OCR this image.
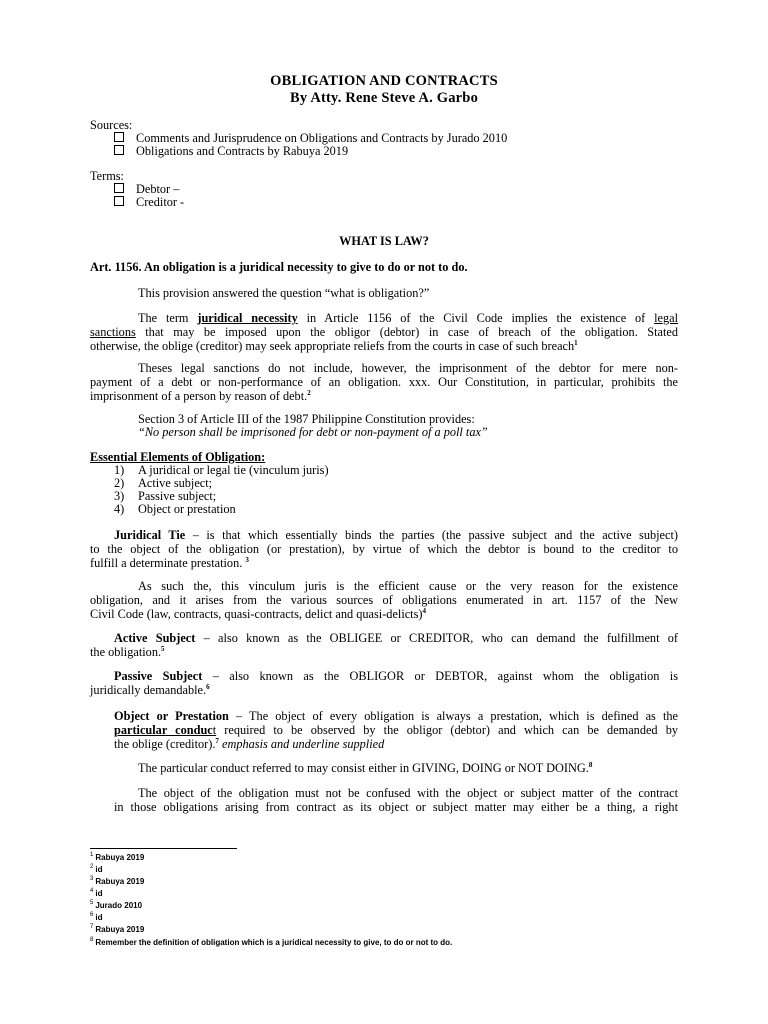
OBLIGATION AND CONTRACTS
By Atty. Rene Steve A. Garbo
Sources:
Comments and Jurisprudence on Obligations and Contracts by Jurado 2010
Obligations and Contracts by Rabuya 2019
Terms:
Debtor –
Creditor -
WHAT IS LAW?
Art. 1156. An obligation is a juridical necessity to give to do or not to do.
This provision answered the question “what is obligation?”

The term juridical necessity in Article 1156 of the Civil Code implies the existence of legal

sanctions that may be imposed upon the obligor (debtor) in case of breach of the obligation. Stated

otherwise, the oblige (creditor) may seek appropriate reliefs from the courts in case of such breach$^1$

Theses legal sanctions do not include, however, the imprisonment of the debtor for mere non-

payment of a debt or non-performance of an obligation. xxx. Our Constitution, in particular, prohibits the

imprisonment of a person by reason of debt.$^2$

Section 3 of Article III of the 1987 Philippine Constitution provides:
“No person shall be imprisoned for debt or non-payment of a poll tax”
Essential Elements of Obligation:
1) A juridical or legal tie (vinculum juris)
2) Active subject;
3) Passive subject;
4) Object or prestation

Juridical Tie – is that which essentially binds the parties (the passive subject and the active subject)

to the object of the obligation (or prestation), by virtue of which the debtor is bound to the creditor to

fulfill a determinate prestation. $^3$

As such the, this vinculum juris is the efficient cause or the very reason for the existence

obligation, and it arises from the various sources of obligations enumerated in art. 1157 of the New

Civil Code (law, contracts, quasi-contracts, delict and quasi-delicts)$^4$

Active Subject – also known as the OBLIGEE or CREDITOR, who can demand the fulfillment of

the obligation.$^5$

Passive Subject – also known as the OBLIGOR or DEBTOR, against whom the obligation is

juridically demandable.$^6$

Object or Prestation – The object of every obligation is always a prestation, which is defined as the

particular conduct required to be observed by the obligor (debtor) and which can be demanded by

the oblige (creditor).$^7$ emphasis and underline supplied

The particular conduct referred to may consist either in GIVING, DOING or NOT DOING.$^8$

The object of the obligation must not be confused with the object or subject matter of the contract

in those obligations arising from contract as its object or subject matter may either be a thing, a right

$^1$ Rabuya 2019
$^2$ id
$^3$ Rabuya 2019
$^4$ id
$^5$ Jurado 2010
$^6$ id
$^7$ Rabuya 2019
$^8$ Remember the definition of obligation which is a juridical necessity to give, to do or not to do.
